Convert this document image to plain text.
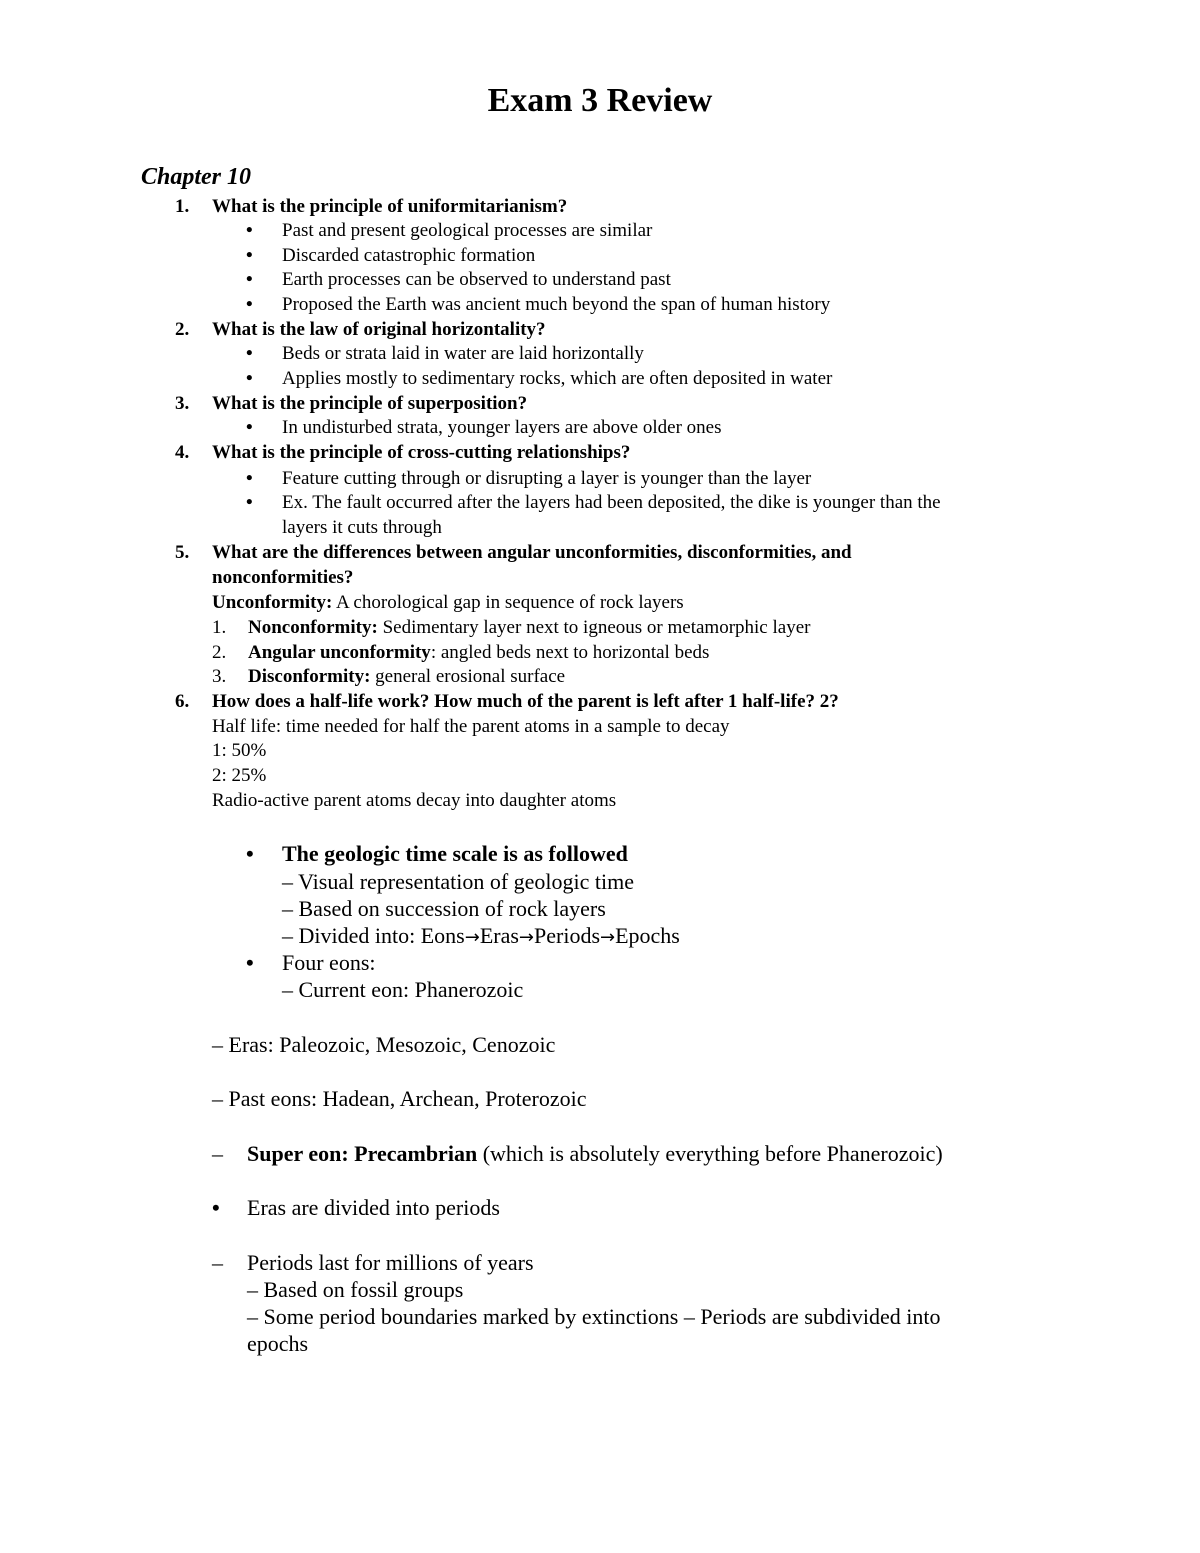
Exam 3 Review
Chapter 10
1. What is the principle of uniformitarianism?
• Past and present geological processes are similar
• Discarded catastrophic formation
• Earth processes can be observed to understand past
• Proposed the Earth was ancient much beyond the span of human history
2. What is the law of original horizontality?
• Beds or strata laid in water are laid horizontally
• Applies mostly to sedimentary rocks, which are often deposited in water
3. What is the principle of superposition?
• In undisturbed strata, younger layers are above older ones
4. What is the principle of cross-cutting relationships?
• Feature cutting through or disrupting a layer is younger than the layer
• Ex. The fault occurred after the layers had been deposited, the dike is younger than the
layers it cuts through
5. What are the differences between angular unconformities, disconformities, and
nonconformities?
Unconformity: A chorological gap in sequence of rock layers
1. Nonconformity: Sedimentary layer next to igneous or metamorphic layer
2. Angular unconformity: angled beds next to horizontal beds
3. Disconformity: general erosional surface
6. How does a half-life work? How much of the parent is left after 1 half-life? 2?
Half life: time needed for half the parent atoms in a sample to decay
1: 50%
2: 25%
Radio-active parent atoms decay into daughter atoms
• The geologic time scale is as followed
– Visual representation of geologic time
– Based on succession of rock layers
– Divided into: Eons→Eras→Periods→Epochs
• Four eons:
– Current eon: Phanerozoic
– Eras: Paleozoic, Mesozoic, Cenozoic
– Past eons: Hadean, Archean, Proterozoic
– Super eon: Precambrian (which is absolutely everything before Phanerozoic)
• Eras are divided into periods
– Periods last for millions of years
– Based on fossil groups
– Some period boundaries marked by extinctions – Periods are subdivided into
epochs
